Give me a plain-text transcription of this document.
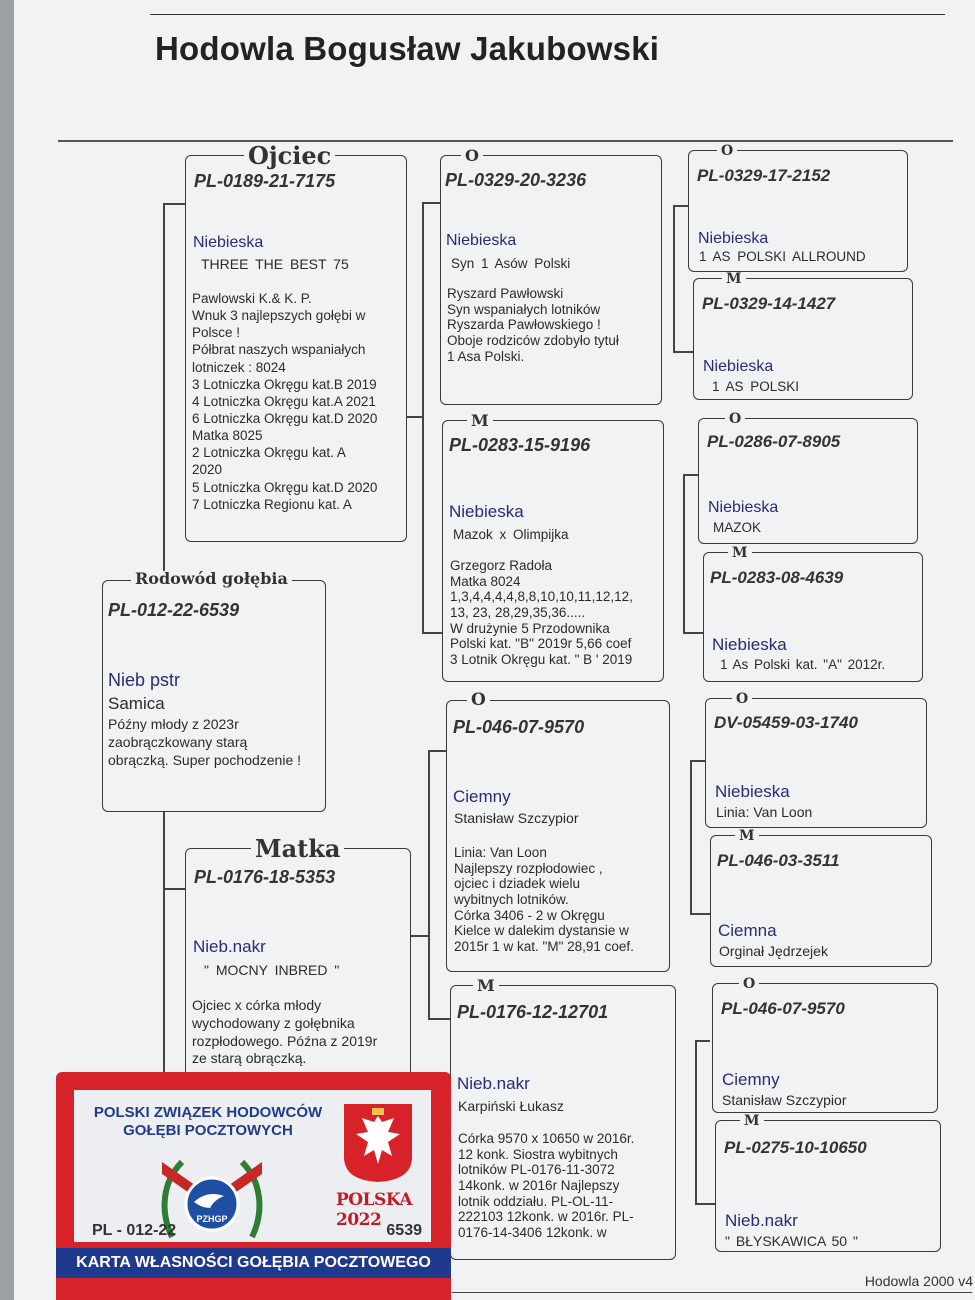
Hodowla Bogusław Jakubowski
Rodowód gołębia
PL-012-22-6539
Nieb pstr
Samica
Późny młody z 2023r
zaobrączkowany starą
obrączką. Super pochodzenie !
Ojciec
PL-0189-21-7175
Niebieska
THREE THE BEST 75
Pawlowski K.& K. P.
Wnuk 3 najlepszych gołębi w
Polsce !
Półbrat naszych wspaniałych
lotniczek : 8024
3 Lotniczka Okręgu kat.B 2019
4 Lotniczka Okręgu kat.A 2021
6 Lotniczka Okręgu kat.D 2020
Matka 8025
2 Lotniczka Okręgu kat. A
2020
5 Lotniczka Okręgu kat.D 2020
7 Lotniczka Regionu kat. A
Matka
PL-0176-18-5353
Nieb.nakr
" MOCNY INBRED "
Ojciec x córka młody
wychodowany z gołębnika
rozpłodowego. Późna z 2019r
ze starą obrączką.
O
PL-0329-20-3236
Niebieska
Syn 1 Asów Polski
Ryszard Pawłowski
Syn wspaniałych lotników
Ryszarda Pawłowskiego !
Oboje rodziców zdobyło tytuł
1 Asa Polski.
M
PL-0283-15-9196
Niebieska
Mazok x Olimpijka
Grzegorz Radoła
Matka 8024
1,3,4,4,4,4,8,8,10,10,11,12,12,
13, 23, 28,29,35,36.....
W drużynie 5 Przodownika
Polski kat. "B" 2019r 5,66 coef
3 Lotnik Okręgu kat. " B ' 2019
O
PL-046-07-9570
Ciemny
Stanisław Szczypior
Linia: Van Loon
Najlepszy rozpłodowiec ,
ojciec i dziadek wielu
wybitnych lotników.
Córka 3406 - 2 w Okręgu
Kielce w dalekim dystansie w
2015r 1 w kat. "M" 28,91 coef.
M
PL-0176-12-12701
Nieb.nakr
Karpiński Łukasz
Córka 9570 x 10650 w 2016r.
12 konk. Siostra wybitnych
lotników PL-0176-11-3072
14konk. w 2016r Najlepszy
lotnik oddziału. PL-OL-11-
222103 12konk. w 2016r. PL-
0176-14-3406 12konk. w
O
PL-0329-17-2152
Niebieska
1 AS POLSKI ALLROUND
M
PL-0329-14-1427
Niebieska
1 AS POLSKI
O
PL-0286-07-8905
Niebieska
MAZOK
M
PL-0283-08-4639
Niebieska
1 As Polski kat. "A" 2012r.
O
DV-05459-03-1740
Niebieska
Linia: Van Loon
M
PL-046-03-3511
Ciemna
Orginał Jędrzejek
O
PL-046-07-9570
Ciemny
Stanisław Szczypior
M
PL-0275-10-10650
Nieb.nakr
" BŁYSKAWICA 50 "
POLSKI ZWIĄZEK HODOWCÓW
GOŁĘBI POCZTOWYCH
PZHGP
POLSKA 2022
PL - 012-22	6539
KARTA WŁASNOŚCI GOŁĘBIA POCZTOWEGO
Hodowla 2000 v4
